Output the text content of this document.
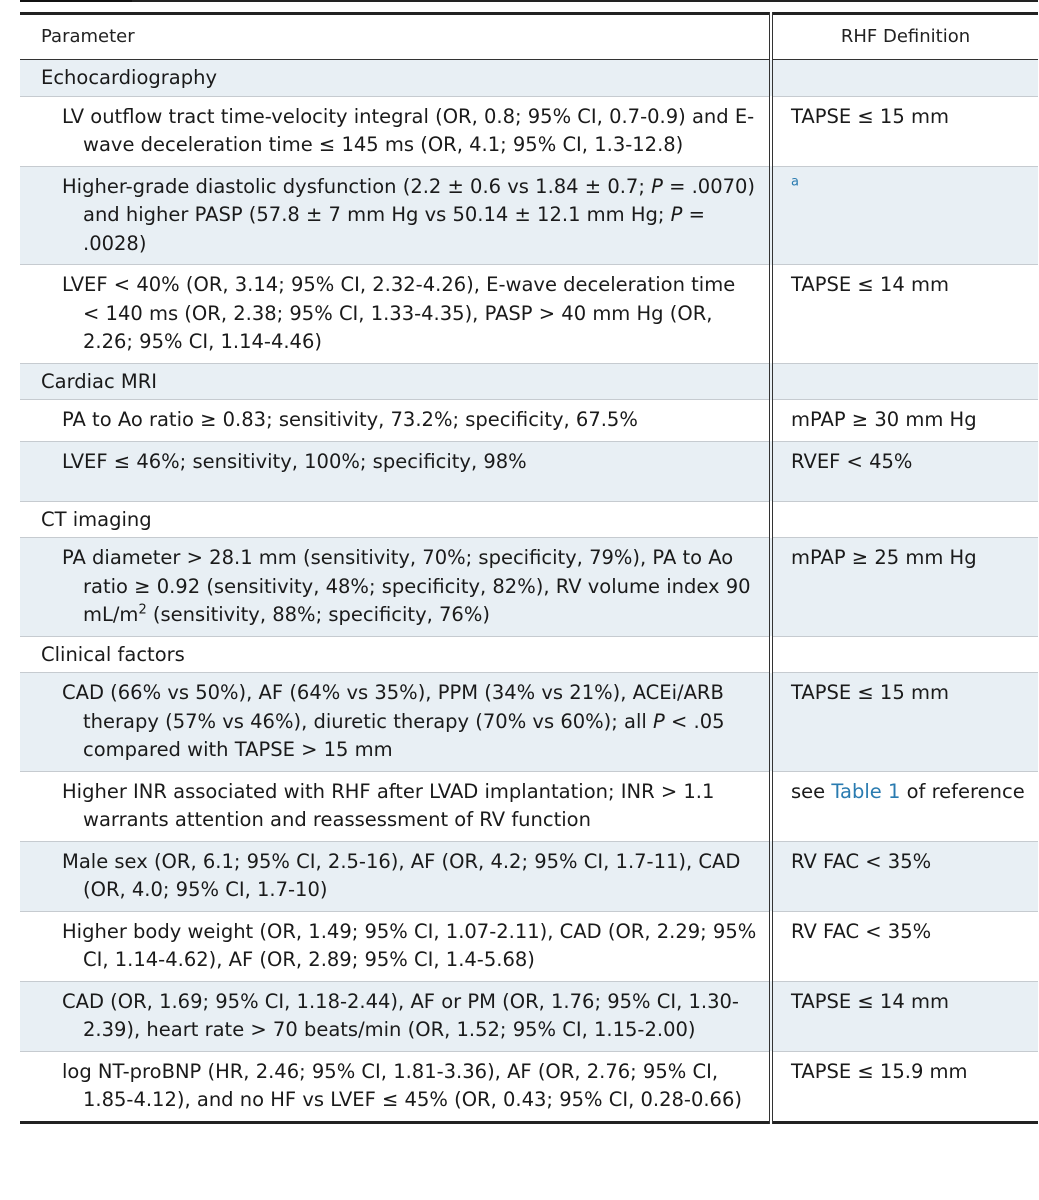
Parameter	RHF Definition
Echocardiography	

LV outflow tract time-velocity integral (OR, 0.8; 95% CI, 0.7-0.9) and E-wave deceleration time ≤ 145 ms (OR, 4.1; 95% CI, 1.3-12.8)	TAPSE ≤ 15 mm

Higher-grade diastolic dysfunction (2.2 ± 0.6 vs 1.84 ± 0.7; P = .0070) and higher PASP (57.8 ± 7 mm Hg vs 50.14 ± 12.1 mm Hg; P = .0028)	$^a$

LVEF < 40% (OR, 3.14; 95% CI, 2.32-4.26), E-wave deceleration time < 140 ms (OR, 2.38; 95% CI, 1.33-4.35), PASP > 40 mm Hg (OR, 2.26; 95% CI, 1.14-4.46)	TAPSE ≤ 14 mm

Cardiac MRI	

PA to Ao ratio ≥ 0.83; sensitivity, 73.2%; specificity, 67.5%	mPAP ≥ 30 mm Hg

LVEF ≤ 46%; sensitivity, 100%; specificity, 98%	RVEF < 45%

CT imaging	

PA diameter > 28.1 mm (sensitivity, 70%; specificity, 79%), PA to Ao ratio ≥ 0.92 (sensitivity, 48%; specificity, 82%), RV volume index 90 $mL/m^2$ (sensitivity, 88%; specificity, 76%)	mPAP ≥ 25 mm Hg

Clinical factors	

CAD (66% vs 50%), AF (64% vs 35%), PPM (34% vs 21%), ACEi/ARB therapy (57% vs 46%), diuretic therapy (70% vs 60%); all P < .05 compared with TAPSE > 15 mm	TAPSE ≤ 15 mm

Higher INR associated with RHF after LVAD implantation; INR > 1.1 warrants attention and reassessment of RV function	see Table 1 of reference

Male sex (OR, 6.1; 95% CI, 2.5-16), AF (OR, 4.2; 95% CI, 1.7-11), CAD (OR, 4.0; 95% CI, 1.7-10)	RV FAC < 35%

Higher body weight (OR, 1.49; 95% CI, 1.07-2.11), CAD (OR, 2.29; 95% CI, 1.14-4.62), AF (OR, 2.89; 95% CI, 1.4-5.68)	RV FAC < 35%

CAD (OR, 1.69; 95% CI, 1.18-2.44), AF or PM (OR, 1.76; 95% CI, 1.30-2.39), heart rate > 70 beats/min (OR, 1.52; 95% CI, 1.15-2.00)	TAPSE ≤ 14 mm

log NT-proBNP (HR, 2.46; 95% CI, 1.81-3.36), AF (OR, 2.76; 95% CI, 1.85-4.12), and no HF vs LVEF ≤ 45% (OR, 0.43; 95% CI, 0.28-0.66)	TAPSE ≤ 15.9 mm
